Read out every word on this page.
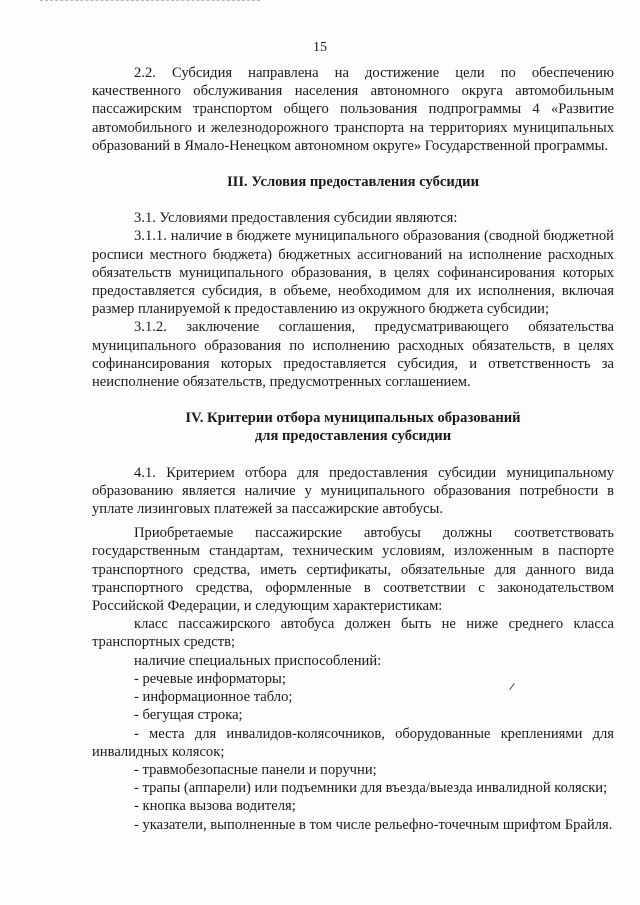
15

2.2. Субсидия направлена на достижение цели по обеспечению качественного обслуживания населения автономного округа автомобильным пассажирским транспортом общего пользования подпрограммы 4 «Развитие автомобильного и железнодорожного транспорта на территориях муниципальных образований в Ямало-Ненецком автономном округе» Государственной программы.

III. Условия предоставления субсидии

3.1. Условиями предоставления субсидии являются:

3.1.1. наличие в бюджете муниципального образования (сводной бюджетной росписи местного бюджета) бюджетных ассигнований на исполнение расходных обязательств муниципального образования, в целях софинансирования которых предоставляется субсидия, в объеме, необходимом для их исполнения, включая размер планируемой к предоставлению из окружного бюджета субсидии;

3.1.2. заключение соглашения, предусматривающего обязательства муниципального образования по исполнению расходных обязательств, в целях софинансирования которых предоставляется субсидия, и ответственность за неисполнение обязательств, предусмотренных соглашением.

IV. Критерии отбора муниципальных образований
для предоставления субсидии

4.1. Критерием отбора для предоставления субсидии муниципальному образованию является наличие у муниципального образования потребности в уплате лизинговых платежей за пассажирские автобусы.

Приобретаемые пассажирские автобусы должны соответствовать государственным стандартам, техническим условиям, изложенным в паспорте транспортного средства, иметь сертификаты, обязательные для данного вида транспортного средства, оформленные в соответствии с законодательством Российской Федерации, и следующим характеристикам:

класс пассажирского автобуса должен быть не ниже среднего класса транспортных средств;

наличие специальных приспособлений:

- речевые информаторы;

- информационное табло;

- бегущая строка;

- места для инвалидов-колясочников, оборудованные креплениями для инвалидных колясок;

- травмобезопасные панели и поручни;

- трапы (аппарели) или подъемники для въезда/выезда инвалидной коляски;

- кнопка вызова водителя;

- указатели, выполненные в том числе рельефно-точечным шрифтом Брайля.
